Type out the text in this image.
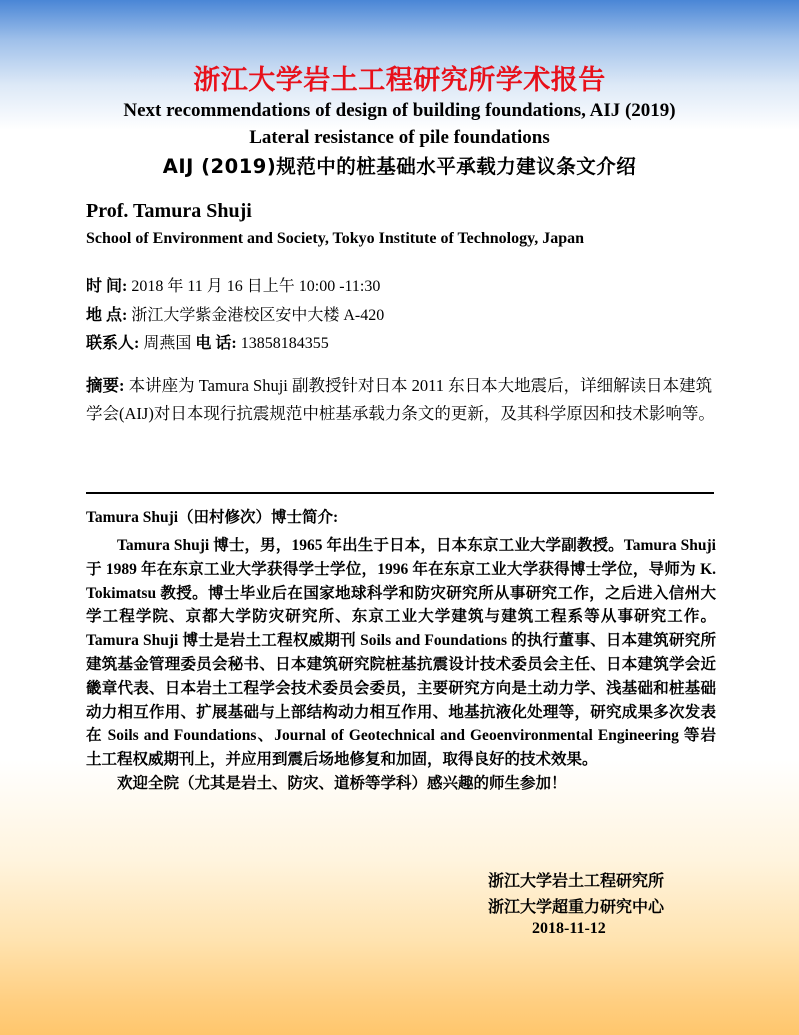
浙江大学岩土工程研究所学术报告
Next recommendations of design of building foundations, AIJ (2019)
Lateral resistance of pile foundations
AIJ (2019)规范中的桩基础水平承载力建议条文介绍
Prof. Tamura Shuji
School of Environment and Society, Tokyo Institute of Technology, Japan
时 间: 2018 年 11 月 16 日上午 10:00 -11:30
地 点: 浙江大学紫金港校区安中大楼 A-420
联系人: 周燕国 电 话: 13858184355
摘要: 本讲座为 Tamura Shuji 副教授针对日本 2011 东日本大地震后，详细解读日本建筑学会(AIJ)对日本现行抗震规范中桩基承载力条文的更新，及其科学原因和技术影响等。
Tamura Shuji（田村修次）博士简介:

Tamura Shuji 博士，男，1965 年出生于日本，日本东京工业大学副教授。Tamura Shuji 于 1989 年在东京工业大学获得学士学位，1996 年在东京工业大学获得博士学位，导师为 K. Tokimatsu 教授。博士毕业后在国家地球科学和防灾研究所从事研究工作，之后进入信州大学工程学院、京都大学防灾研究所、东京工业大学建筑与建筑工程系等从事研究工作。Tamura Shuji 博士是岩土工程权威期刊 Soils and Foundations 的执行董事、日本建筑研究所建筑基金管理委员会秘书、日本建筑研究院桩基抗震设计技术委员会主任、日本建筑学会近畿章代表、日本岩土工程学会技术委员会委员，主要研究方向是土动力学、浅基础和桩基础动力相互作用、扩展基础与上部结构动力相互作用、地基抗液化处理等，研究成果多次发表在 Soils and Foundations、Journal of Geotechnical and Geoenvironmental Engineering 等岩土工程权威期刊上，并应用到震后场地修复和加固，取得良好的技术效果。

欢迎全院（尤其是岩土、防灾、道桥等学科）感兴趣的师生参加！

浙江大学岩土工程研究所
浙江大学超重力研究中心
2018-11-12
